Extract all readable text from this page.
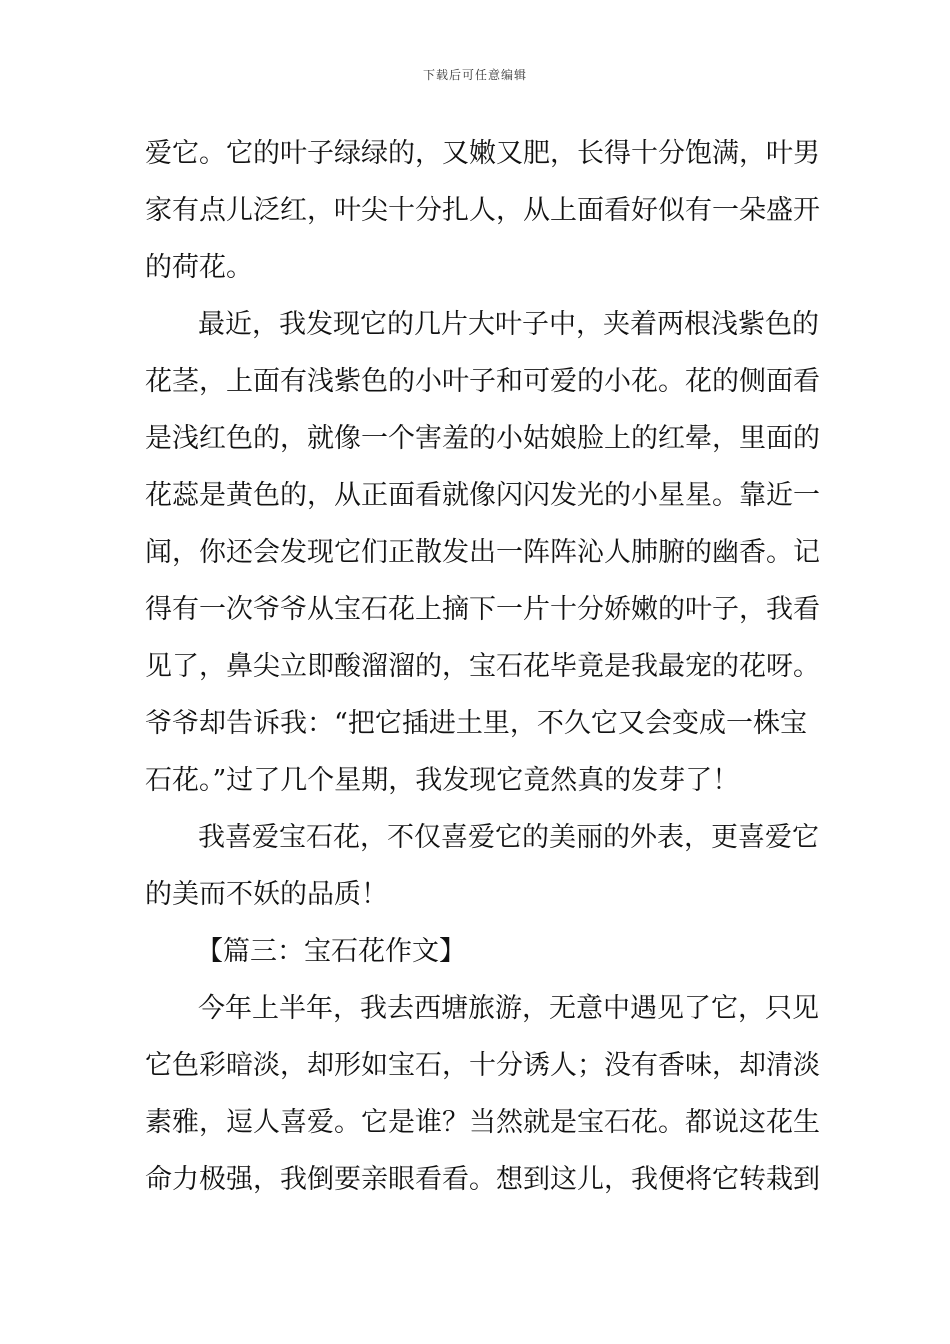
下载后可任意编辑
爱它。它的叶子绿绿的，又嫩又肥，长得十分饱满，叶男
家有点儿泛红，叶尖十分扎人，从上面看好似有一朵盛开
的荷花。
最近，我发现它的几片大叶子中，夹着两根浅紫色的
花茎，上面有浅紫色的小叶子和可爱的小花。花的侧面看
是浅红色的，就像一个害羞的小姑娘脸上的红晕，里面的
花蕊是黄色的，从正面看就像闪闪发光的小星星。靠近一
闻，你还会发现它们正散发出一阵阵沁人肺腑的幽香。记
得有一次爷爷从宝石花上摘下一片十分娇嫩的叶子，我看
见了，鼻尖立即酸溜溜的，宝石花毕竟是我最宠的花呀。
爷爷却告诉我：“把它插进土里，不久它又会变成一株宝
石花。”过了几个星期，我发现它竟然真的发芽了！
我喜爱宝石花，不仅喜爱它的美丽的外表，更喜爱它
的美而不妖的品质！
【篇三：宝石花作文】
今年上半年，我去西塘旅游，无意中遇见了它，只见
它色彩暗淡，却形如宝石，十分诱人；没有香味，却清淡
素雅，逗人喜爱。它是谁？当然就是宝石花。都说这花生
命力极强，我倒要亲眼看看。想到这儿，我便将它转栽到
